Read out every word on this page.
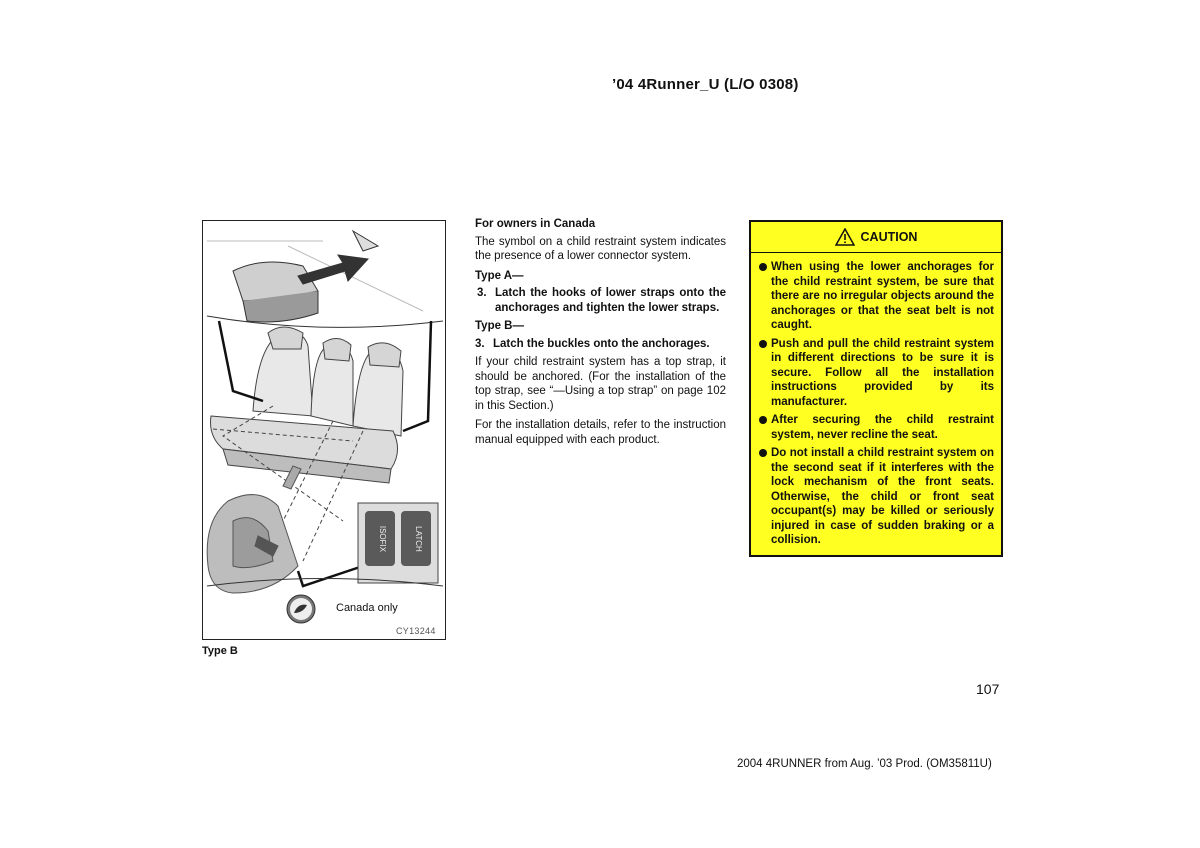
’04 4Runner_U (L/O 0308)
ISOFIX	LATCH
Canada only
CY13244
Type B

For owners in Canada

The symbol on a child restraint system indicates the presence of a lower connector system.

Type A—

3. Latch the hooks of lower straps onto the anchorages and tighten the lower straps.

Type B—

3. Latch the buckles onto the anchorages.

If your child restraint system has a top strap, it should be anchored. (For the installation of the top strap, see “—Using a top strap” on page 102 in this Section.)

For the installation details, refer to the instruction manual equipped with each product.

CAUTION
When using the lower anchorages for the child restraint system, be sure that there are no irregular objects around the anchorages or that the seat belt is not caught.
Push and pull the child restraint system in different directions to be sure it is secure. Follow all the installation instructions provided by its manufacturer.
After securing the child restraint system, never recline the seat.
Do not install a child restraint system on the second seat if it interferes with the lock mechanism of the front seats. Otherwise, the child or front seat occupant(s) may be killed or seriously injured in case of sudden braking or a collision.
107
2004 4RUNNER from Aug. ’03 Prod. (OM35811U)
